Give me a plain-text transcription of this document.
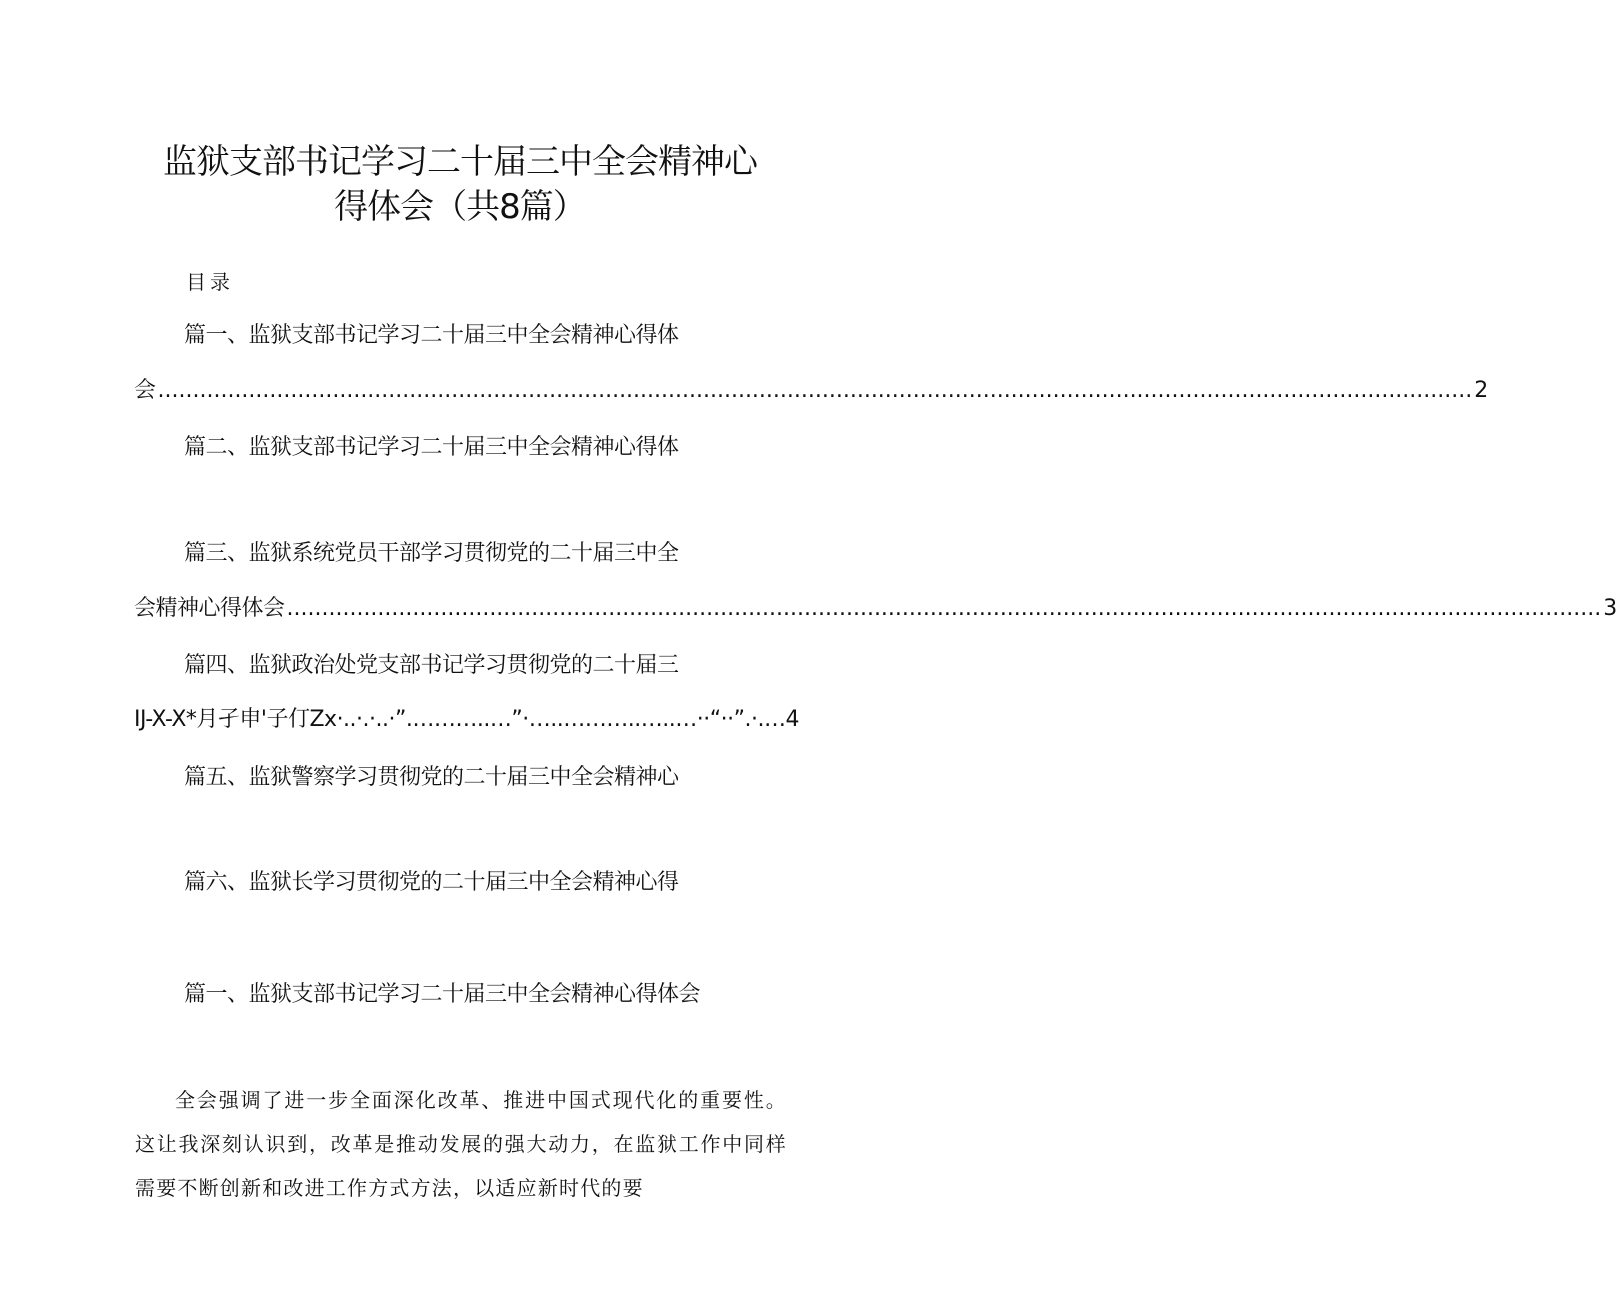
监狱支部书记学习二十届三中全会精神心
得体会（共8篇）
目录
篇一、监狱支部书记学习二十届三中全会精神心得体
会 ............................................................................................................................................................................................ 2
篇二、监狱支部书记学习二十届三中全会精神心得体
篇三、监狱系统党员干部学习贯彻党的二十届三中全
会精神心得体会 ............................................................................................................................................................................................ 3
篇四、监狱政治处党支部书记学习贯彻党的二十届三
IJ-X-X*月孑申'子仃Zx·..·.·..·”.………..…”·…..………..…..…··“··”.·.… 4
篇五、监狱警察学习贯彻党的二十届三中全会精神心
篇六、监狱长学习贯彻党的二十届三中全会精神心得
篇一、监狱支部书记学习二十届三中全会精神心得体会
全会强调了进一步全面深化改革、推进中国式现代化的重要性。这让我深刻认识到，改革是推动发展的强大动力，在监狱工作中同样需要不断创新和改进工作方式方法，以适应新时代的要
